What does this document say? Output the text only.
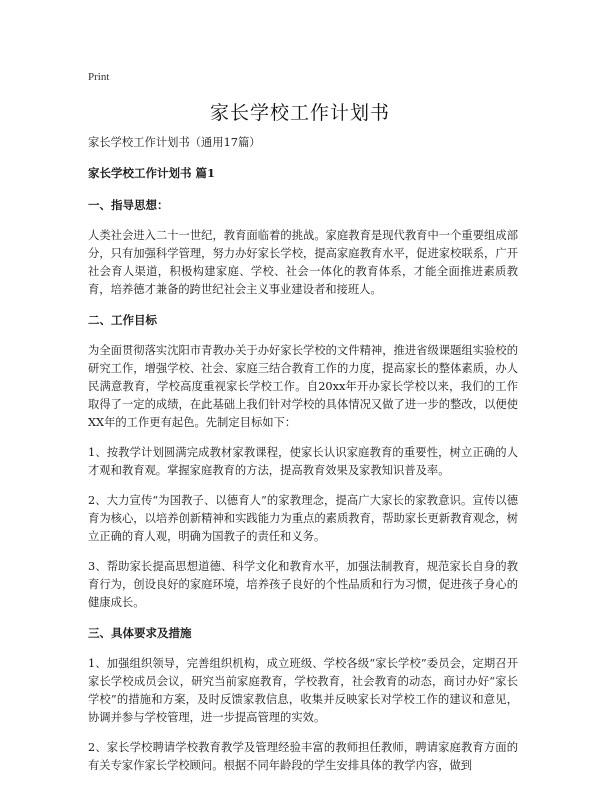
Print
家长学校工作计划书

家长学校工作计划书（通用17篇）

家长学校工作计划书 篇1

一、指导思想：

人类社会进入二十一世纪，教育面临着的挑战。家庭教育是现代教育中一个重要组成部分，只有加强科学管理，努力办好家长学校，提高家庭教育水平，促进家校联系，广开社会育人渠道，积极构建家庭、学校、社会一体化的教育体系，才能全面推进素质教育，培养德才兼备的跨世纪社会主义事业建设者和接班人。

二、工作目标

为全面贯彻落实沈阳市青教办关于办好家长学校的文件精神，推进省级课题组实验校的研究工作，增强学校、社会、家庭三结合教育工作的力度，提高家长的整体素质，办人民满意教育，学校高度重视家长学校工作。自20xx年开办家长学校以来，我们的工作取得了一定的成绩，在此基础上我们针对学校的具体情况又做了进一步的整改，以便使XX年的工作更有起色。先制定目标如下：

1、按教学计划圆满完成教材家教课程，使家长认识家庭教育的重要性，树立正确的人才观和教育观。掌握家庭教育的方法，提高教育效果及家教知识普及率。

2、大力宣传“为国教子、以德育人”的家教理念，提高广大家长的家教意识。宣传以德育为核心，以培养创新精神和实践能力为重点的素质教育，帮助家长更新教育观念，树立正确的育人观，明确为国教子的责任和义务。

3、帮助家长提高思想道德、科学文化和教育水平，加强法制教育，规范家长自身的教育行为，创设良好的家庭环境，培养孩子良好的个性品质和行为习惯，促进孩子身心的健康成长。

三、具体要求及措施

1、加强组织领导，完善组织机构，成立班级、学校各级“家长学校”委员会，定期召开家长学校成员会议，研究当前家庭教育，学校教育，社会教育的动态，商讨办好“家长学校”的措施和方案，及时反馈家教信息，收集并反映家长对学校工作的建议和意见，协调并参与学校管理，进一步提高管理的实效。

2、家长学校聘请学校教育教学及管理经验丰富的教师担任教师，聘请家庭教育方面的有关专家作家长学校顾问。根据不同年龄段的学生安排具体的教学内容，做到
